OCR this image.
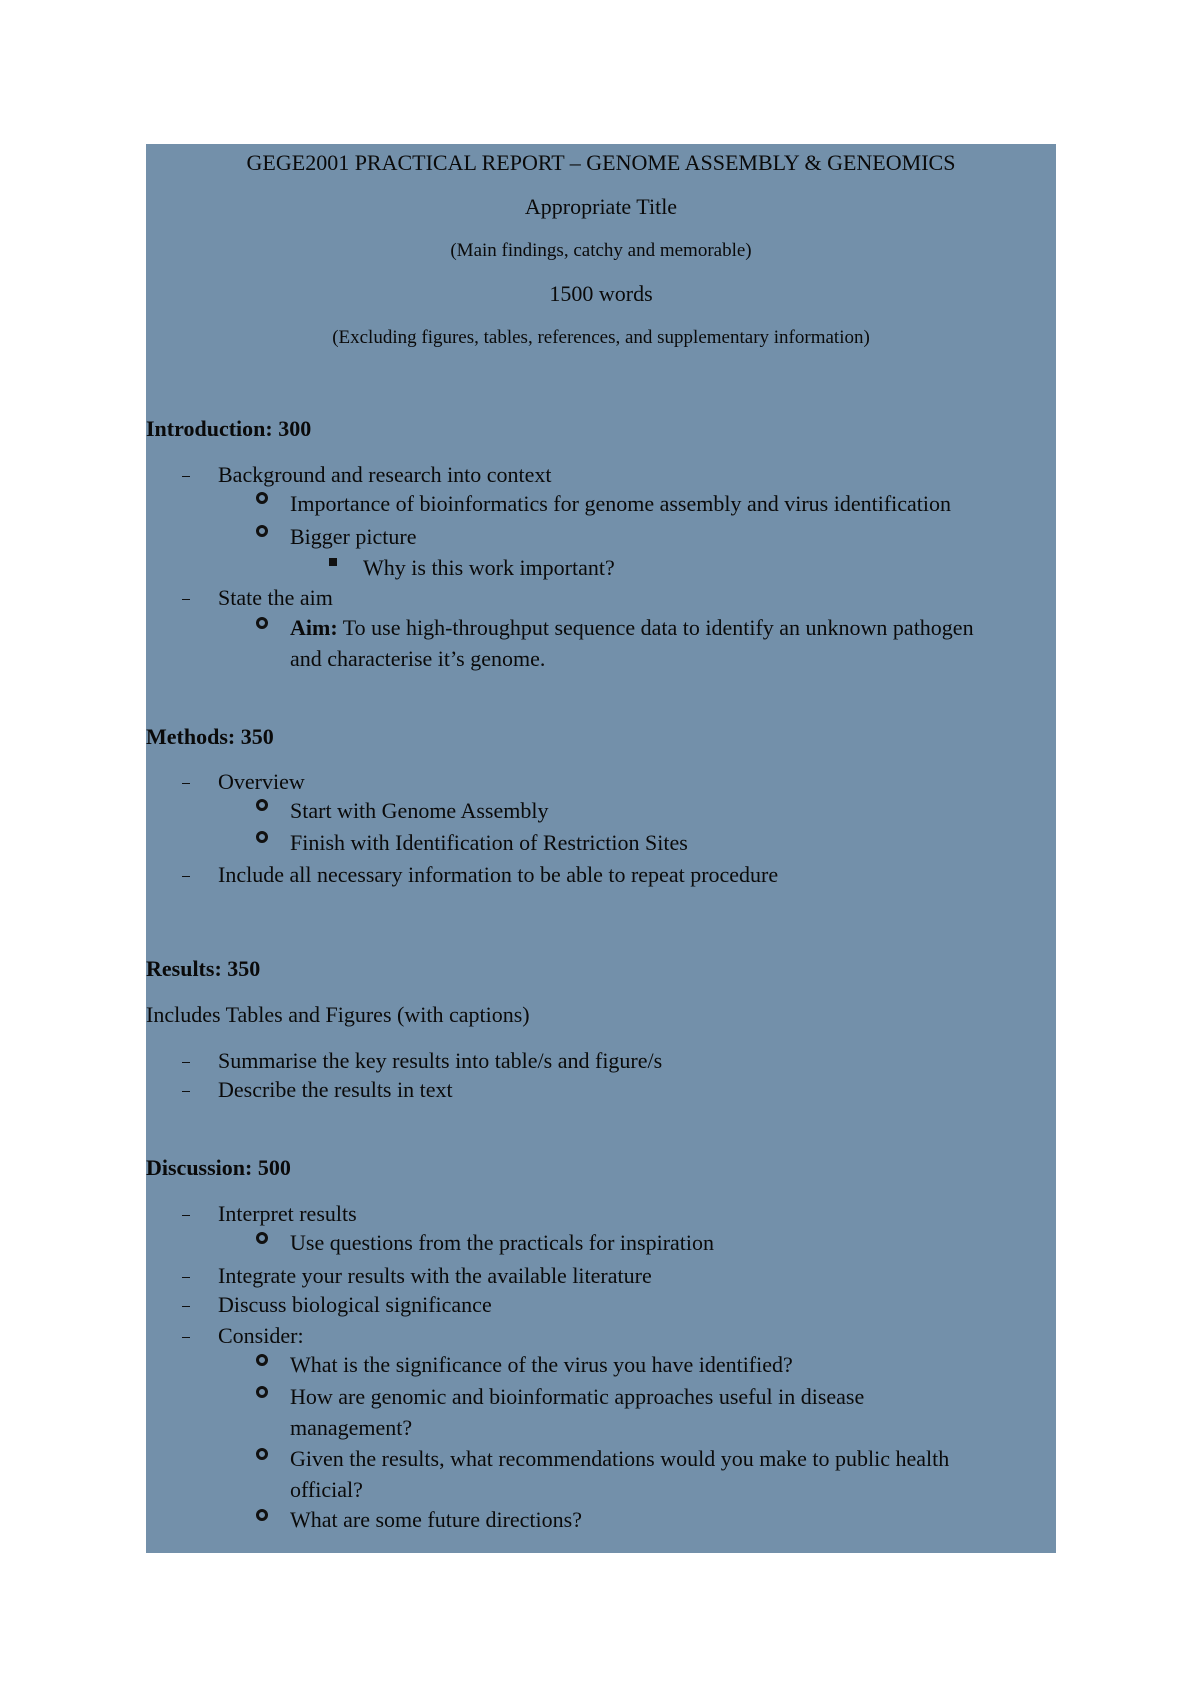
GEGE2001 PRACTICAL REPORT – GENOME ASSEMBLY & GENEOMICS
Appropriate Title
(Main findings, catchy and memorable)
1500 words
(Excluding figures, tables, references, and supplementary information)
Introduction: 300
Background and research into context
Importance of bioinformatics for genome assembly and virus identification
Bigger picture
Why is this work important?
State the aim
Aim: To use high-throughput sequence data to identify an unknown pathogen
and characterise it’s genome.
Methods: 350
Overview
Start with Genome Assembly
Finish with Identification of Restriction Sites
Include all necessary information to be able to repeat procedure
Results: 350
Includes Tables and Figures (with captions)
Summarise the key results into table/s and figure/s
Describe the results in text
Discussion: 500
Interpret results
Use questions from the practicals for inspiration
Integrate your results with the available literature
Discuss biological significance
Consider:
What is the significance of the virus you have identified?
How are genomic and bioinformatic approaches useful in disease
management?
Given the results, what recommendations would you make to public health
official?
What are some future directions?
